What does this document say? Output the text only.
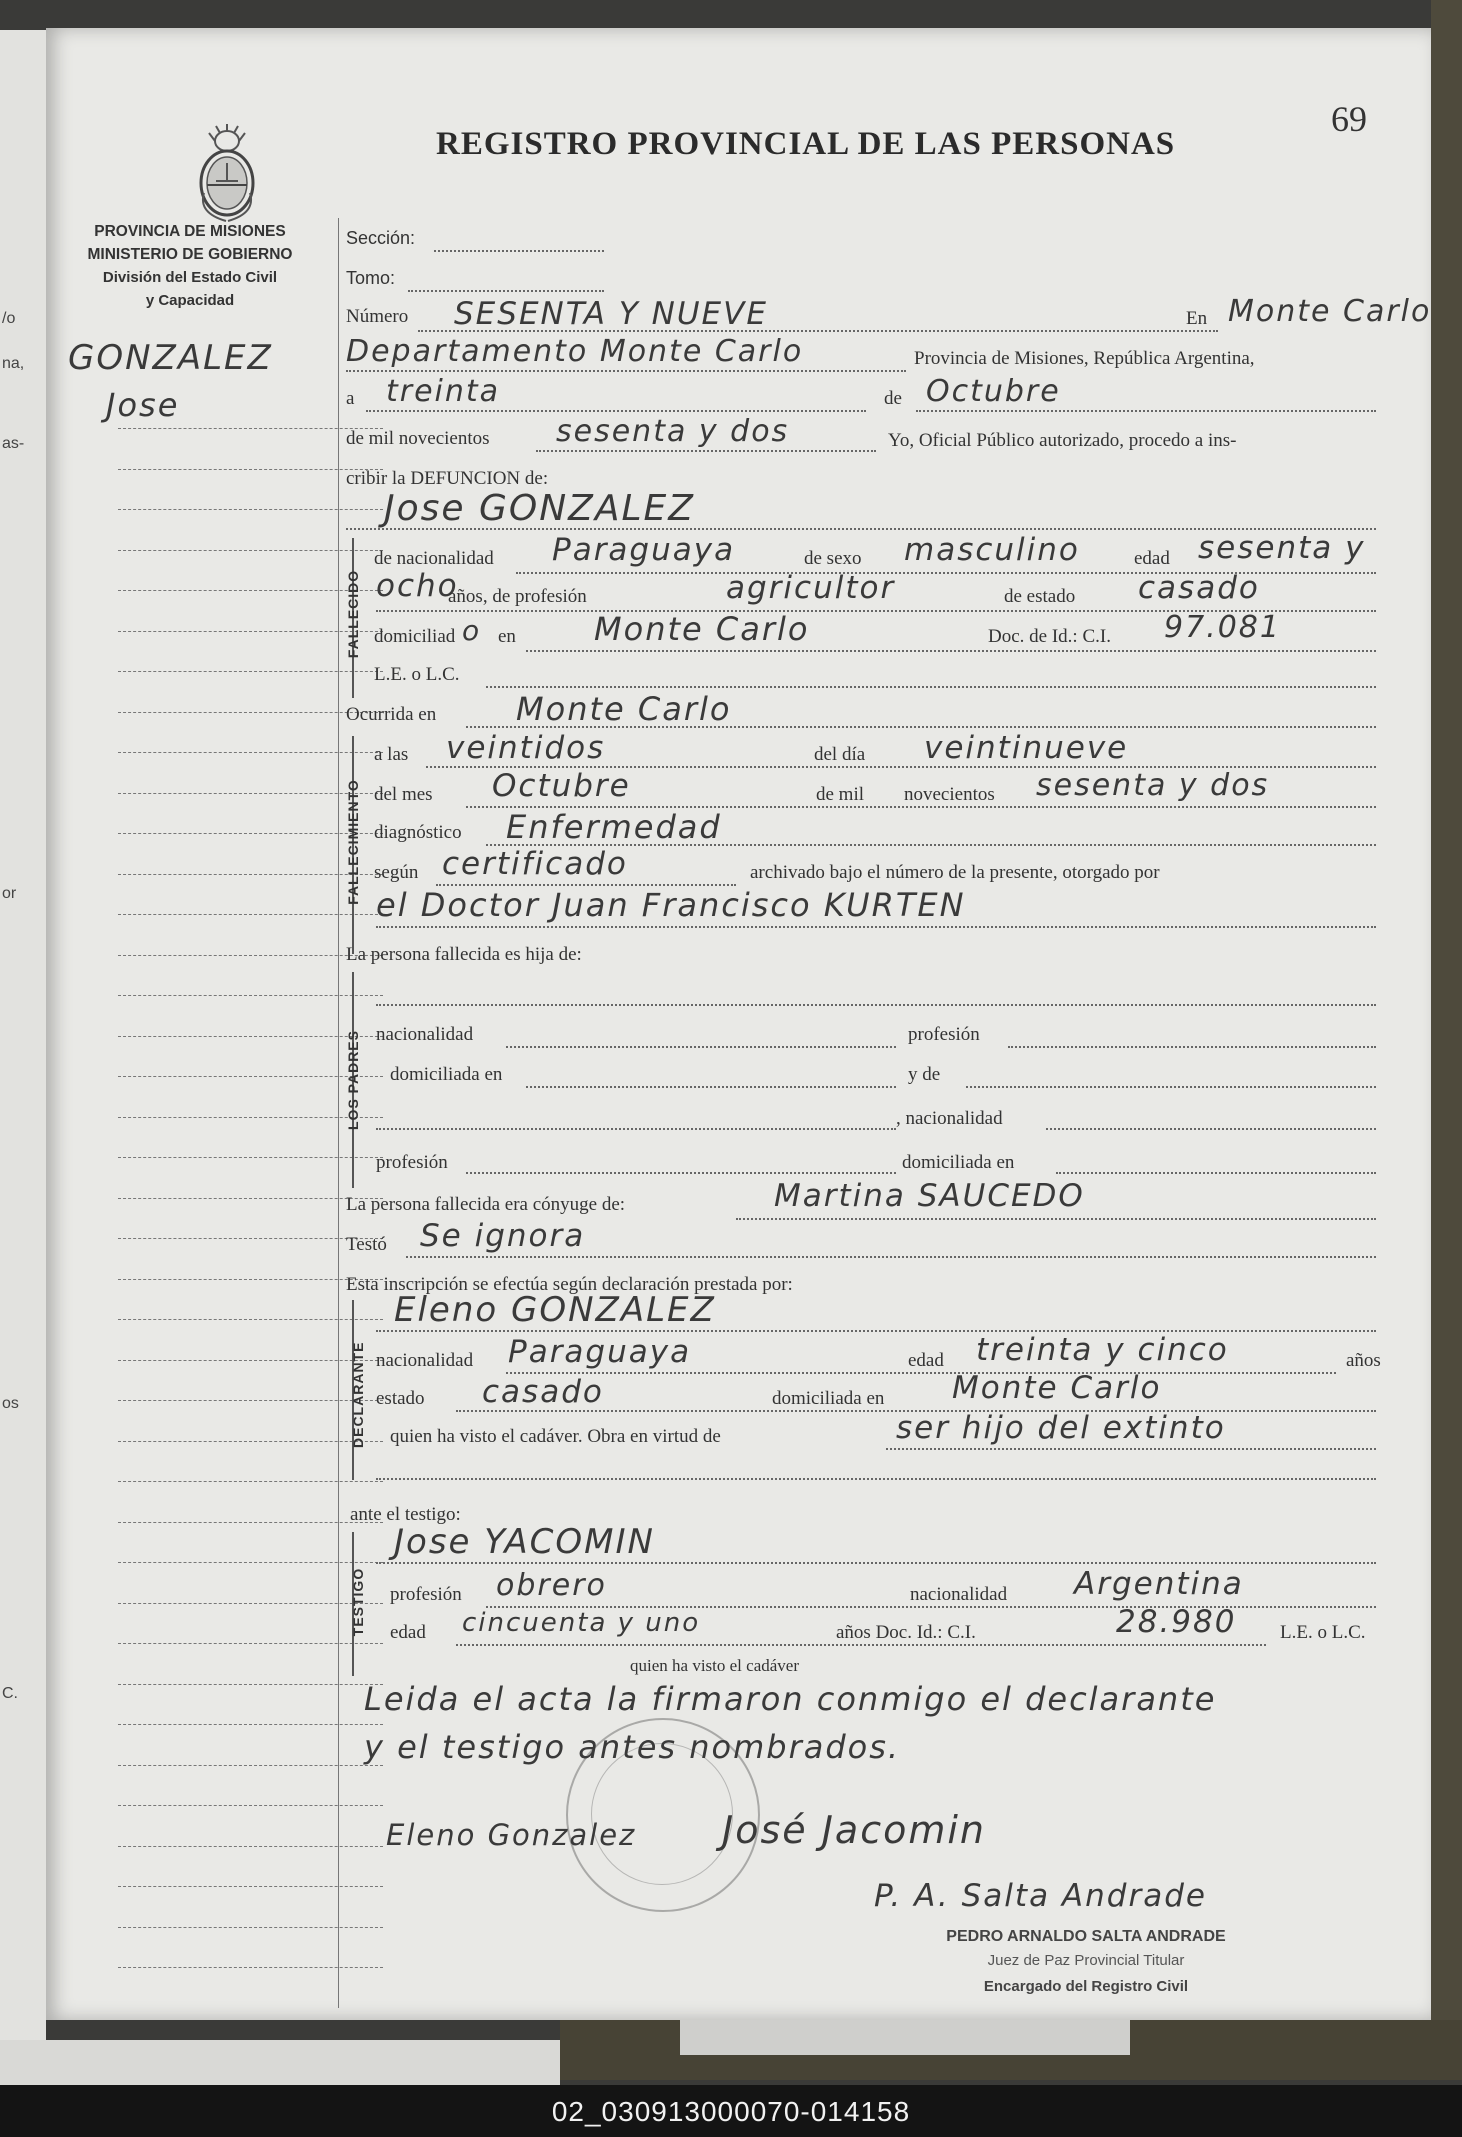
/o
na,
as-
or
os
C.
REGISTRO PROVINCIAL DE LAS PERSONAS
69
PROVINCIA DE MISIONES
MINISTERIO DE GOBIERNO
División del Estado Civil
y Capacidad
GONZALEZ
Jose
Sección:
Tomo:
Número SESENTA Y NUEVE	En Monte Carlo
Departamento Monte Carlo	Provincia de Misiones, República Argentina,
a treinta	de Octubre
de mil novecientos sesenta y dos	Yo, Oficial Público autorizado, procedo a ins-
cribir la DEFUNCION de:
Jose GONZALEZ
FALLECIDO
de nacionalidad Paraguaya	de sexo masculino	edad sesenta y
ocho
años, de profesión	agricultor	de estado casado
domiciliad o en Monte Carlo	Doc. de Id.: C.I. 97.081
L.E. o L.C.
Ocurrida en Monte Carlo
FALLECIMIENTO
a las veintidos	del día veintinueve
del mes Octubre	de mil novecientos sesenta y dos
diagnóstico Enfermedad
según certificado	archivado bajo el número de la presente, otorgado por
el Doctor Juan Francisco KURTEN
La persona fallecida es hija de:
LOS PADRES nacionalidad	profesión
domiciliada en	y de
, nacionalidad
profesión	domiciliada en
La persona fallecida era cónyuge de:	Martina SAUCEDO
Testó Se ignora
Esta inscripción se efectúa según declaración prestada por:
Eleno GONZALEZ
DECLARANTE nacionalidad Paraguaya	edad treinta y cinco	años
estado casado	domiciliada en Monte Carlo
quien ha visto el cadáver. Obra en virtud de	ser hijo del extinto
ante el testigo:
Jose YACOMIN
TESTIGO profesión obrero	nacionalidad Argentina
edad cincuenta y uno	años Doc. Id.: C.I.	28.980 L.E. o L.C.
quien ha visto el cadáver
Leida el acta la firmaron conmigo el declarante
y el testigo antes nombrados.
Eleno Gonzalez José Jacomin
P. A. Salta Andrade
PEDRO ARNALDO SALTA ANDRADE
Juez de Paz Provincial Titular
Encargado del Registro Civil
02_030913000070-014158
